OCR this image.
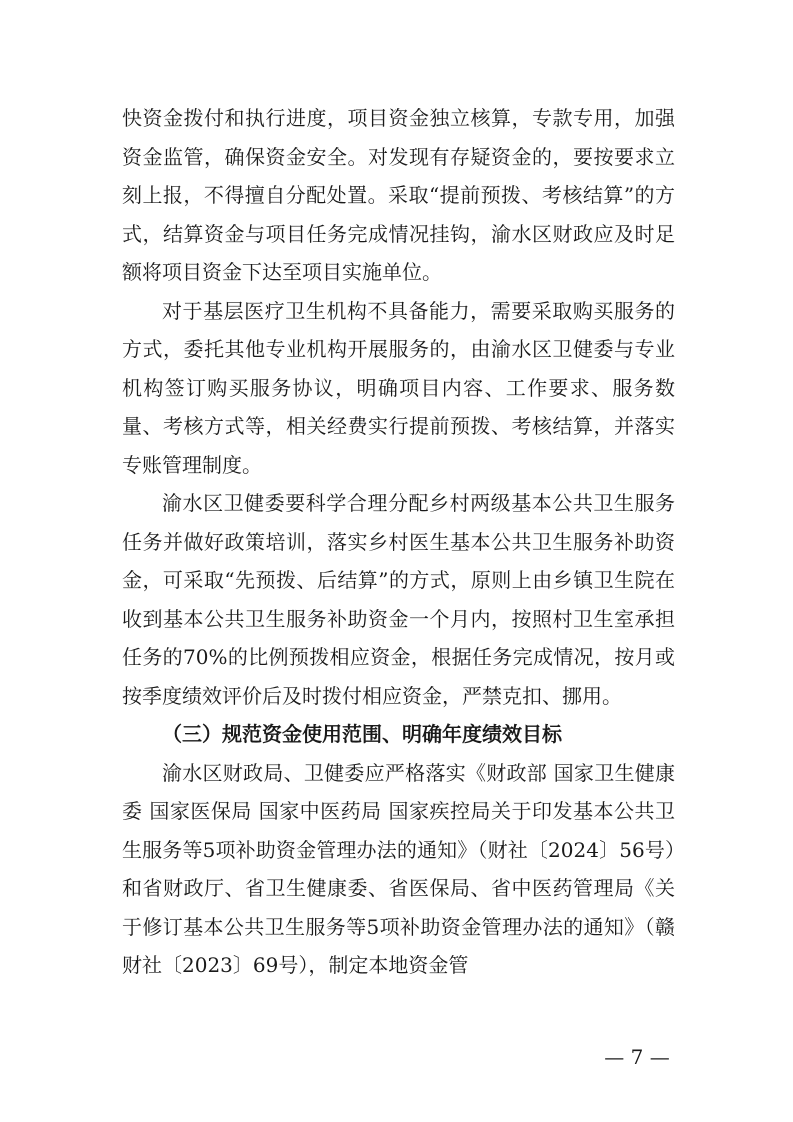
快资金拨付和执行进度，项目资金独立核算，专款专用，加强资金监管，确保资金安全。对发现有存疑资金的，要按要求立刻上报，不得擅自分配处置。采取“提前预拨、考核结算”的方式，结算资金与项目任务完成情况挂钩，渝水区财政应及时足额将项目资金下达至项目实施单位。

对于基层医疗卫生机构不具备能力，需要采取购买服务的方式，委托其他专业机构开展服务的，由渝水区卫健委与专业机构签订购买服务协议，明确项目内容、工作要求、服务数量、考核方式等，相关经费实行提前预拨、考核结算，并落实专账管理制度。

渝水区卫健委要科学合理分配乡村两级基本公共卫生服务任务并做好政策培训，落实乡村医生基本公共卫生服务补助资金，可采取“先预拨、后结算”的方式，原则上由乡镇卫生院在收到基本公共卫生服务补助资金一个月内，按照村卫生室承担任务的70%的比例预拨相应资金，根据任务完成情况，按月或按季度绩效评价后及时拨付相应资金，严禁克扣、挪用。

（三）规范资金使用范围、明确年度绩效目标

渝水区财政局、卫健委应严格落实《财政部 国家卫生健康委 国家医保局 国家中医药局 国家疾控局关于印发基本公共卫生服务等5项补助资金管理办法的通知》（财社〔2024〕56号）和省财政厅、省卫生健康委、省医保局、省中医药管理局《关于修订基本公共卫生服务等5项补助资金管理办法的通知》（赣财社〔2023〕69号），制定本地资金管

— 7 —
